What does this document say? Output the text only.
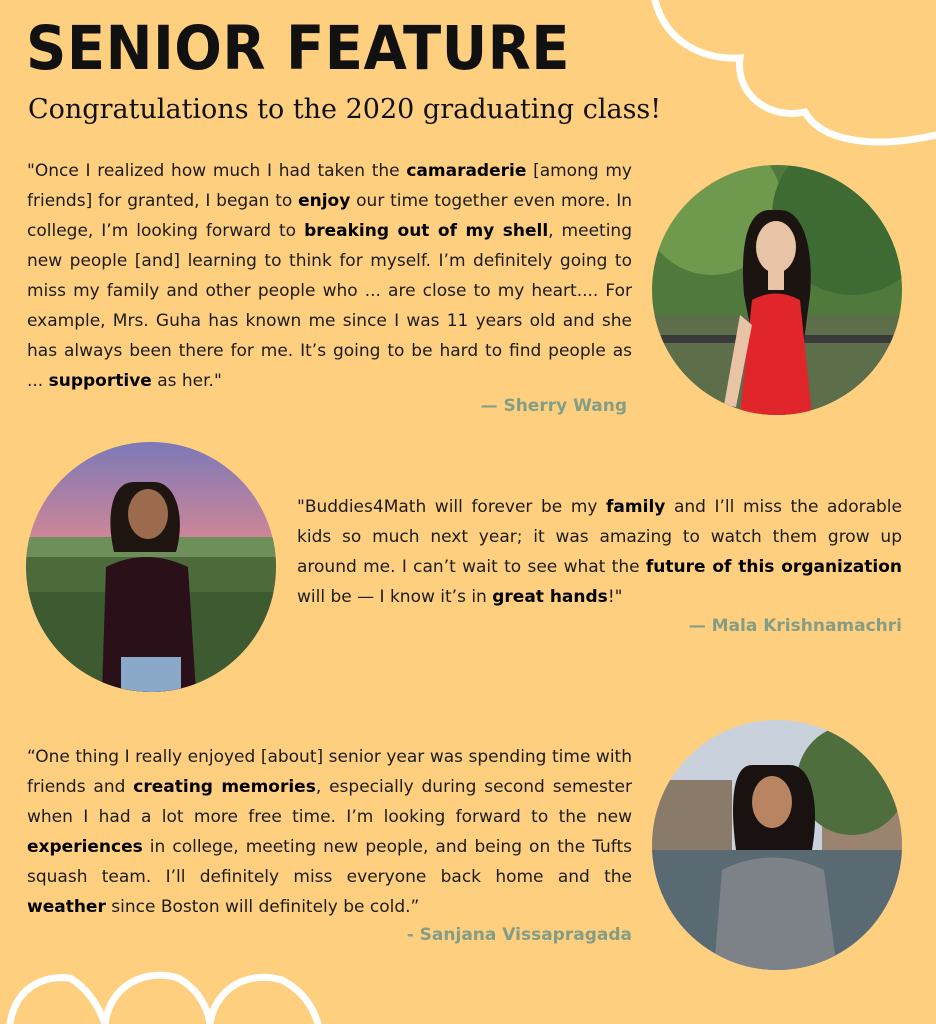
SENIOR FEATURE
Congratulations to the 2020 graduating class!

"Once I realized how much I had taken the camaraderie [among my friends] for granted, I began to enjoy our time together even more. In college, I’m looking forward to breaking out of my shell, meeting new people [and] learning to think for myself. I’m definitely going to miss my family and other people who ... are close to my heart.... For example, Mrs. Guha has known me since I was 11 years old and she has always been there for me. It’s going to be hard to find people as ... supportive as her."

— Sherry Wang

"Buddies4Math will forever be my family and I’ll miss the adorable kids so much next year; it was amazing to watch them grow up around me. I can’t wait to see what the future of this organization will be — I know it’s in great hands!"

— Mala Krishnamachri

“One thing I really enjoyed [about] senior year was spending time with friends and creating memories, especially during second semester when I had a lot more free time. I’m looking forward to the new experiences in college, meeting new people, and being on the Tufts squash team. I’ll definitely miss everyone back home and the weather since Boston will definitely be cold.”

- Sanjana Vissapragada
